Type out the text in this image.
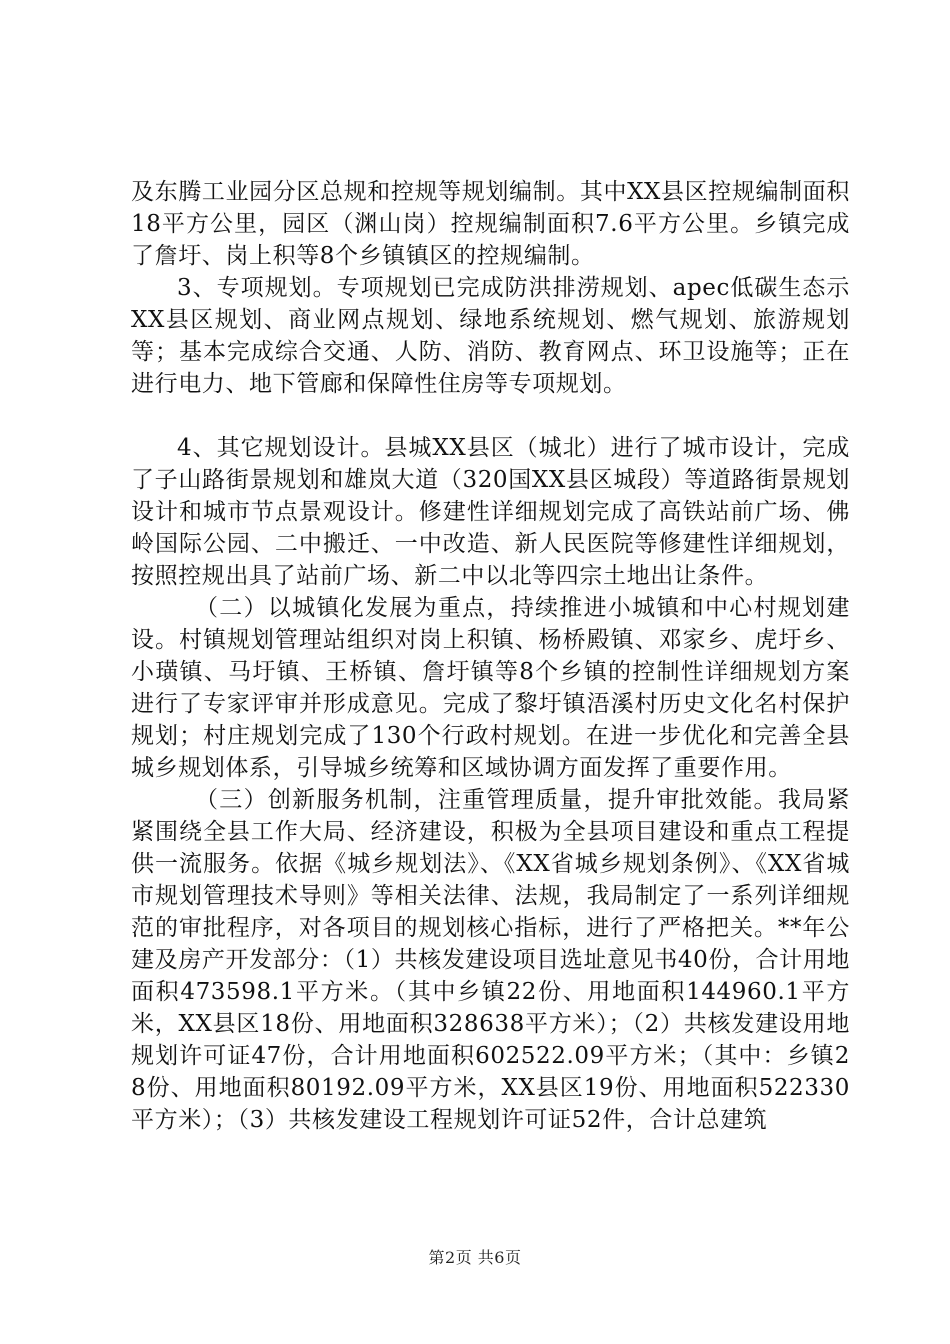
及东腾工业园分区总规和控规等规划编制。其中XX县区控规编制面积18平方公里，园区（渊山岗）控规编制面积7.6平方公里。乡镇完成了詹圩、岗上积等8个乡镇镇区的控规编制。

3、专项规划。专项规划已完成防洪排涝规划、apec低碳生态示XX县区规划、商业网点规划、绿地系统规划、燃气规划、旅游规划等；基本完成综合交通、人防、消防、教育网点、环卫设施等；正在进行电力、地下管廊和保障性住房等专项规划。

4、其它规划设计。县城XX县区（城北）进行了城市设计，完成了子山路街景规划和雄岚大道（320国XX县区城段）等道路街景规划设计和城市节点景观设计。修建性详细规划完成了高铁站前广场、佛岭国际公园、二中搬迁、一中改造、新人民医院等修建性详细规划，按照控规出具了站前广场、新二中以北等四宗土地出让条件。

（二）以城镇化发展为重点，持续推进小城镇和中心村规划建设。村镇规划管理站组织对岗上积镇、杨桥殿镇、邓家乡、虎圩乡、小璜镇、马圩镇、王桥镇、詹圩镇等8个乡镇的控制性详细规划方案进行了专家评审并形成意见。完成了黎圩镇浯溪村历史文化名村保护规划；村庄规划完成了130个行政村规划。在进一步优化和完善全县城乡规划体系，引导城乡统筹和区域协调方面发挥了重要作用。

（三）创新服务机制，注重管理质量，提升审批效能。我局紧紧围绕全县工作大局、经济建设，积极为全县项目建设和重点工程提供一流服务。依据《城乡规划法》、《XX省城乡规划条例》、《XX省城市规划管理技术导则》等相关法律、法规，我局制定了一系列详细规范的审批程序，对各项目的规划核心指标，进行了严格把关。**年公建及房产开发部分：（1）共核发建设项目选址意见书40份，合计用地面积473598.1平方米。（其中乡镇22份、用地面积144960.1平方米，XX县区18份、用地面积328638平方米）；（2）共核发建设用地规划许可证47份，合计用地面积602522.09平方米；（其中：乡镇28份、用地面积80192.09平方米，XX县区19份、用地面积522330平方米）；（3）共核发建设工程规划许可证52件，合计总建筑

第2页 共6页
